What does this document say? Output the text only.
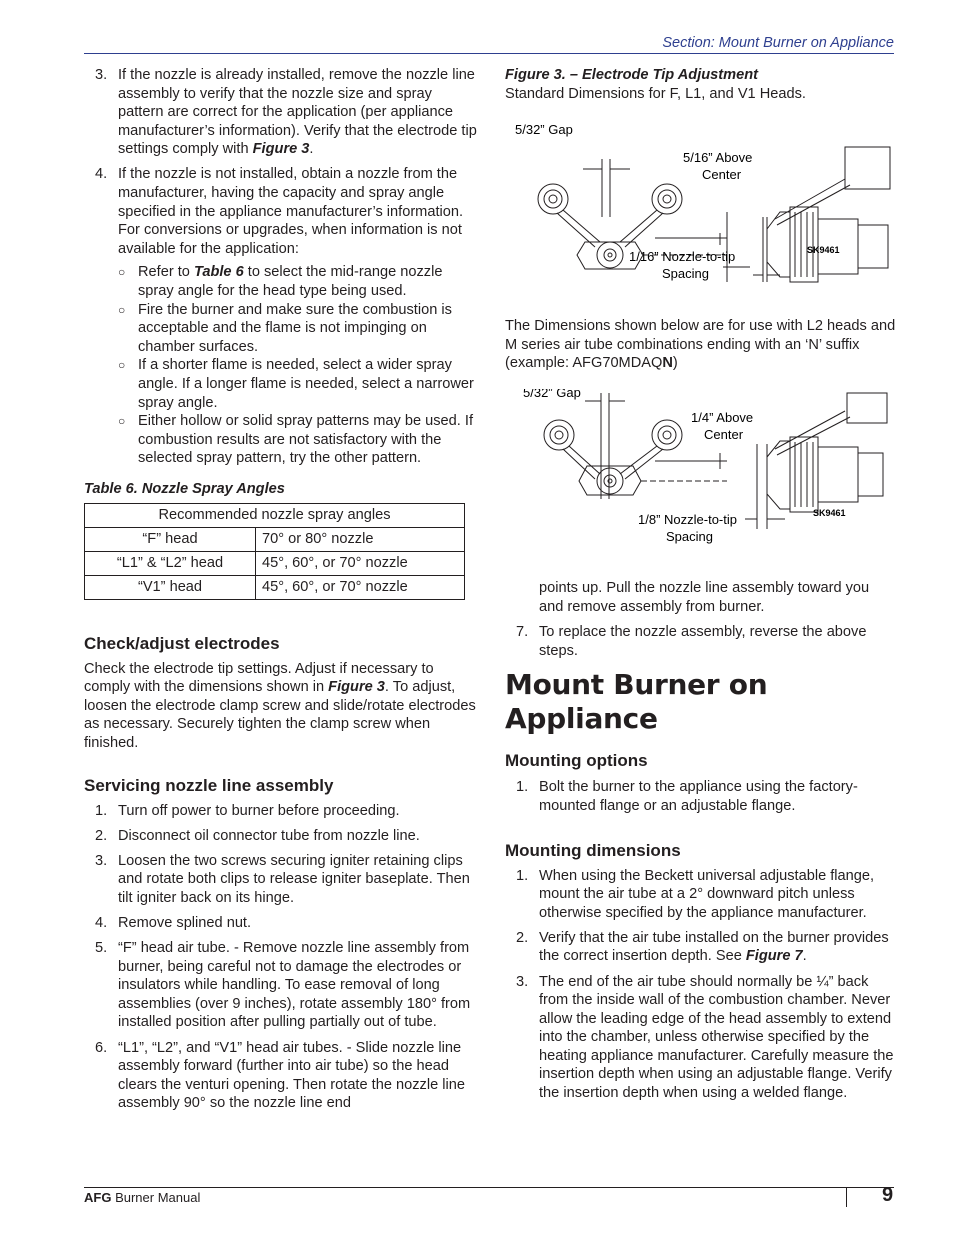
Section: Mount Burner on Appliance
3. If the nozzle is already installed, remove the nozzle line assembly to verify that the nozzle size and spray pattern are correct for the application (per appliance manufacturer’s information). Verify that the electrode tip settings comply with Figure 3.
4. If the nozzle is not installed, obtain a nozzle from the manufacturer, having the capacity and spray angle specified in the appliance manufacturer’s information. For conversions or upgrades, when information is not available for the application:
○ Refer to Table 6 to select the mid-range nozzle spray angle for the head type being used.
○ Fire the burner and make sure the combustion is acceptable and the flame is not impinging on chamber surfaces.
○ If a shorter flame is needed, select a wider spray angle. If a longer flame is needed, select a narrower spray angle.
○ Either hollow or solid spray patterns may be used. If combustion results are not satisfactory with the selected spray pattern, try the other pattern.
Table 6. Nozzle Spray Angles
Recommended nozzle spray angles	
“F” head	70° or 80° nozzle
“L1” & “L2” head	45°, 60°, or 70° nozzle
“V1” head	45°, 60°, or 70° nozzle
Check/adjust electrodes

Check the electrode tip settings. Adjust if necessary to comply with the dimensions shown in Figure 3. To adjust, loosen the electrode clamp screw and slide/rotate electrodes as necessary. Securely tighten the clamp screw when finished.

Servicing nozzle line assembly
1. Turn off power to burner before proceeding.
2. Disconnect oil connector tube from nozzle line.
3. Loosen the two screws securing igniter retaining clips and rotate both clips to release igniter baseplate. Then tilt igniter back on its hinge.
4. Remove splined nut.
5. “F” head air tube. - Remove nozzle line assembly from burner, being careful not to damage the electrodes or insulators while handling. To ease removal of long assemblies (over 9 inches), rotate assembly 180° from installed position after pulling partially out of tube.
6. “L1”, “L2”, and “V1” head air tubes. - Slide nozzle line assembly forward (further into air tube) so the head clears the venturi opening. Then rotate the nozzle line assembly 90° so the nozzle line end
Figure 3. – Electrode Tip Adjustment

Standard Dimensions for F, L1, and V1 Heads.

5/32” Gap
5/16” Above
Center
1/16” Nozzle-to-tip
Spacing
SK9461

The Dimensions shown below are for use with L2 heads and M series air tube combinations ending with an ‘N’ suffix (example: AFG70MDAQN)

5/32” Gap
1/4” Above
Center
1/8” Nozzle-to-tip
Spacing
SK9461

points up. Pull the nozzle line assembly toward you and remove assembly from burner.

7. To replace the nozzle assembly, reverse the above steps.
Mount Burner on Appliance
Mounting options
1. Bolt the burner to the appliance using the factory-mounted flange or an adjustable flange.
Mounting dimensions
1. When using the Beckett universal adjustable flange, mount the air tube at a 2° downward pitch unless otherwise specified by the appliance manufacturer.
2. Verify that the air tube installed on the burner provides the correct insertion depth. See Figure 7.
3. The end of the air tube should normally be ¼” back from the inside wall of the combustion chamber. Never allow the leading edge of the head assembly to extend into the chamber, unless otherwise specified by the heating appliance manufacturer. Carefully measure the insertion depth when using an adjustable flange. Verify the insertion depth when using a welded flange.
AFG Burner Manual	9
